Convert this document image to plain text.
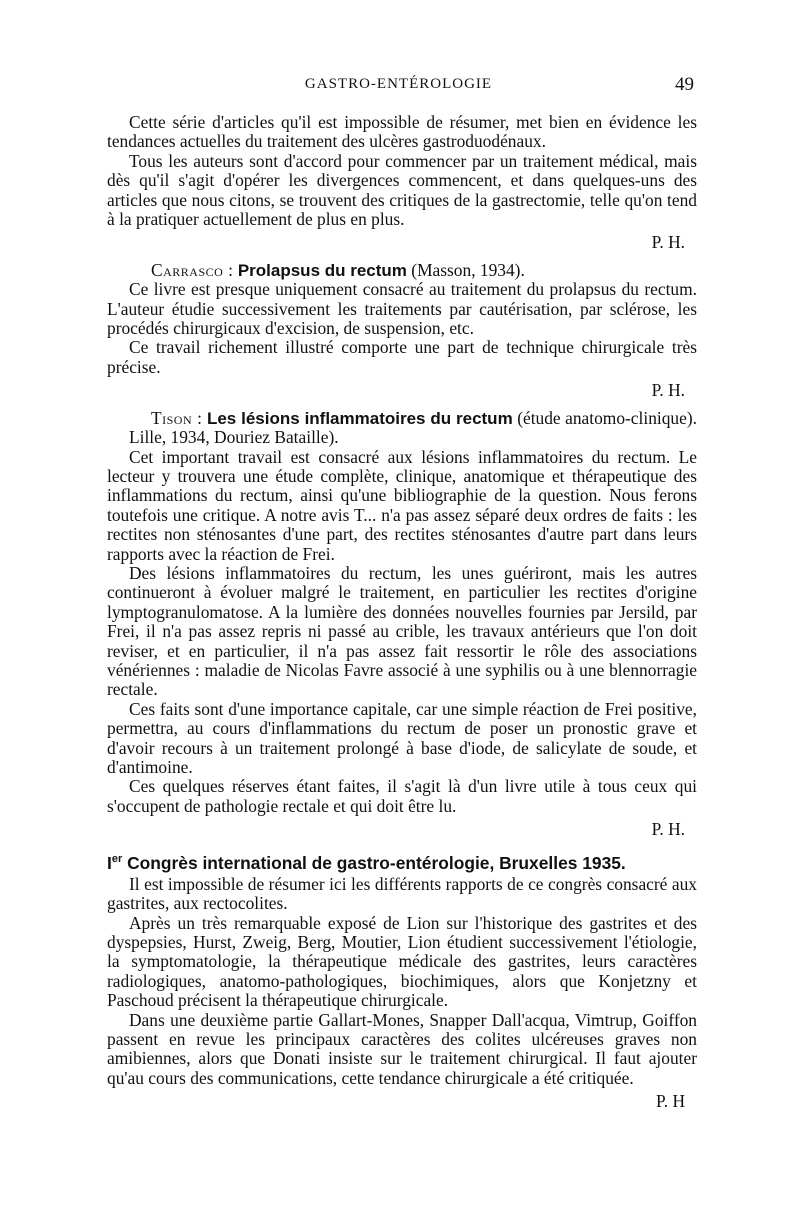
GASTRO-ENTÉROLOGIE	49

Cette série d'articles qu'il est impossible de résumer, met bien en évidence les tendances actuelles du traitement des ulcères gastroduodénaux.

Tous les auteurs sont d'accord pour commencer par un traitement médical, mais dès qu'il s'agit d'opérer les divergences commencent, et dans quelques-uns des articles que nous citons, se trouvent des critiques de la gastrectomie, telle qu'on tend à la pratiquer actuellement de plus en plus.

P. H.

Carrasco : Prolapsus du rectum (Masson, 1934).

Ce livre est presque uniquement consacré au traitement du prolapsus du rectum. L'auteur étudie successivement les traitements par cautérisation, par sclérose, les procédés chirurgicaux d'excision, de suspension, etc.

Ce travail richement illustré comporte une part de technique chirurgicale très précise.

P. H.

Tison : Les lésions inflammatoires du rectum (étude anatomo-clinique). Lille, 1934, Douriez Bataille).

Cet important travail est consacré aux lésions inflammatoires du rectum. Le lecteur y trouvera une étude complète, clinique, anatomique et thérapeutique des inflammations du rectum, ainsi qu'une bibliographie de la question. Nous ferons toutefois une critique. A notre avis T... n'a pas assez séparé deux ordres de faits : les rectites non sténosantes d'une part, des rectites sténosantes d'autre part dans leurs rapports avec la réaction de Frei.

Des lésions inflammatoires du rectum, les unes guériront, mais les autres continueront à évoluer malgré le traitement, en particulier les rectites d'origine lymptogranulomatose. A la lumière des données nouvelles fournies par Jersild, par Frei, il n'a pas assez repris ni passé au crible, les travaux antérieurs que l'on doit reviser, et en particulier, il n'a pas assez fait ressortir le rôle des associations vénériennes : maladie de Nicolas Favre associé à une syphilis ou à une blennorragie rectale.

Ces faits sont d'une importance capitale, car une simple réaction de Frei positive, permettra, au cours d'inflammations du rectum de poser un pronostic grave et d'avoir recours à un traitement prolongé à base d'iode, de salicylate de soude, et d'antimoine.

Ces quelques réserves étant faites, il s'agit là d'un livre utile à tous ceux qui s'occupent de pathologie rectale et qui doit être lu.

P. H.
Ier Congrès international de gastro-entérologie, Bruxelles 1935.

Il est impossible de résumer ici les différents rapports de ce congrès consacré aux gastrites, aux rectocolites.

Après un très remarquable exposé de Lion sur l'historique des gastrites et des dyspepsies, Hurst, Zweig, Berg, Moutier, Lion étudient successivement l'étiologie, la symptomatologie, la thérapeutique médicale des gastrites, leurs caractères radiologiques, anatomo-pathologiques, biochimiques, alors que Konjetzny et Paschoud précisent la thérapeutique chirurgicale.

Dans une deuxième partie Gallart-Mones, Snapper Dall'acqua, Vimtrup, Goiffon passent en revue les principaux caractères des colites ulcéreuses graves non amibiennes, alors que Donati insiste sur le traitement chirurgical. Il faut ajouter qu'au cours des communications, cette tendance chirurgicale a été critiquée.

P. H
